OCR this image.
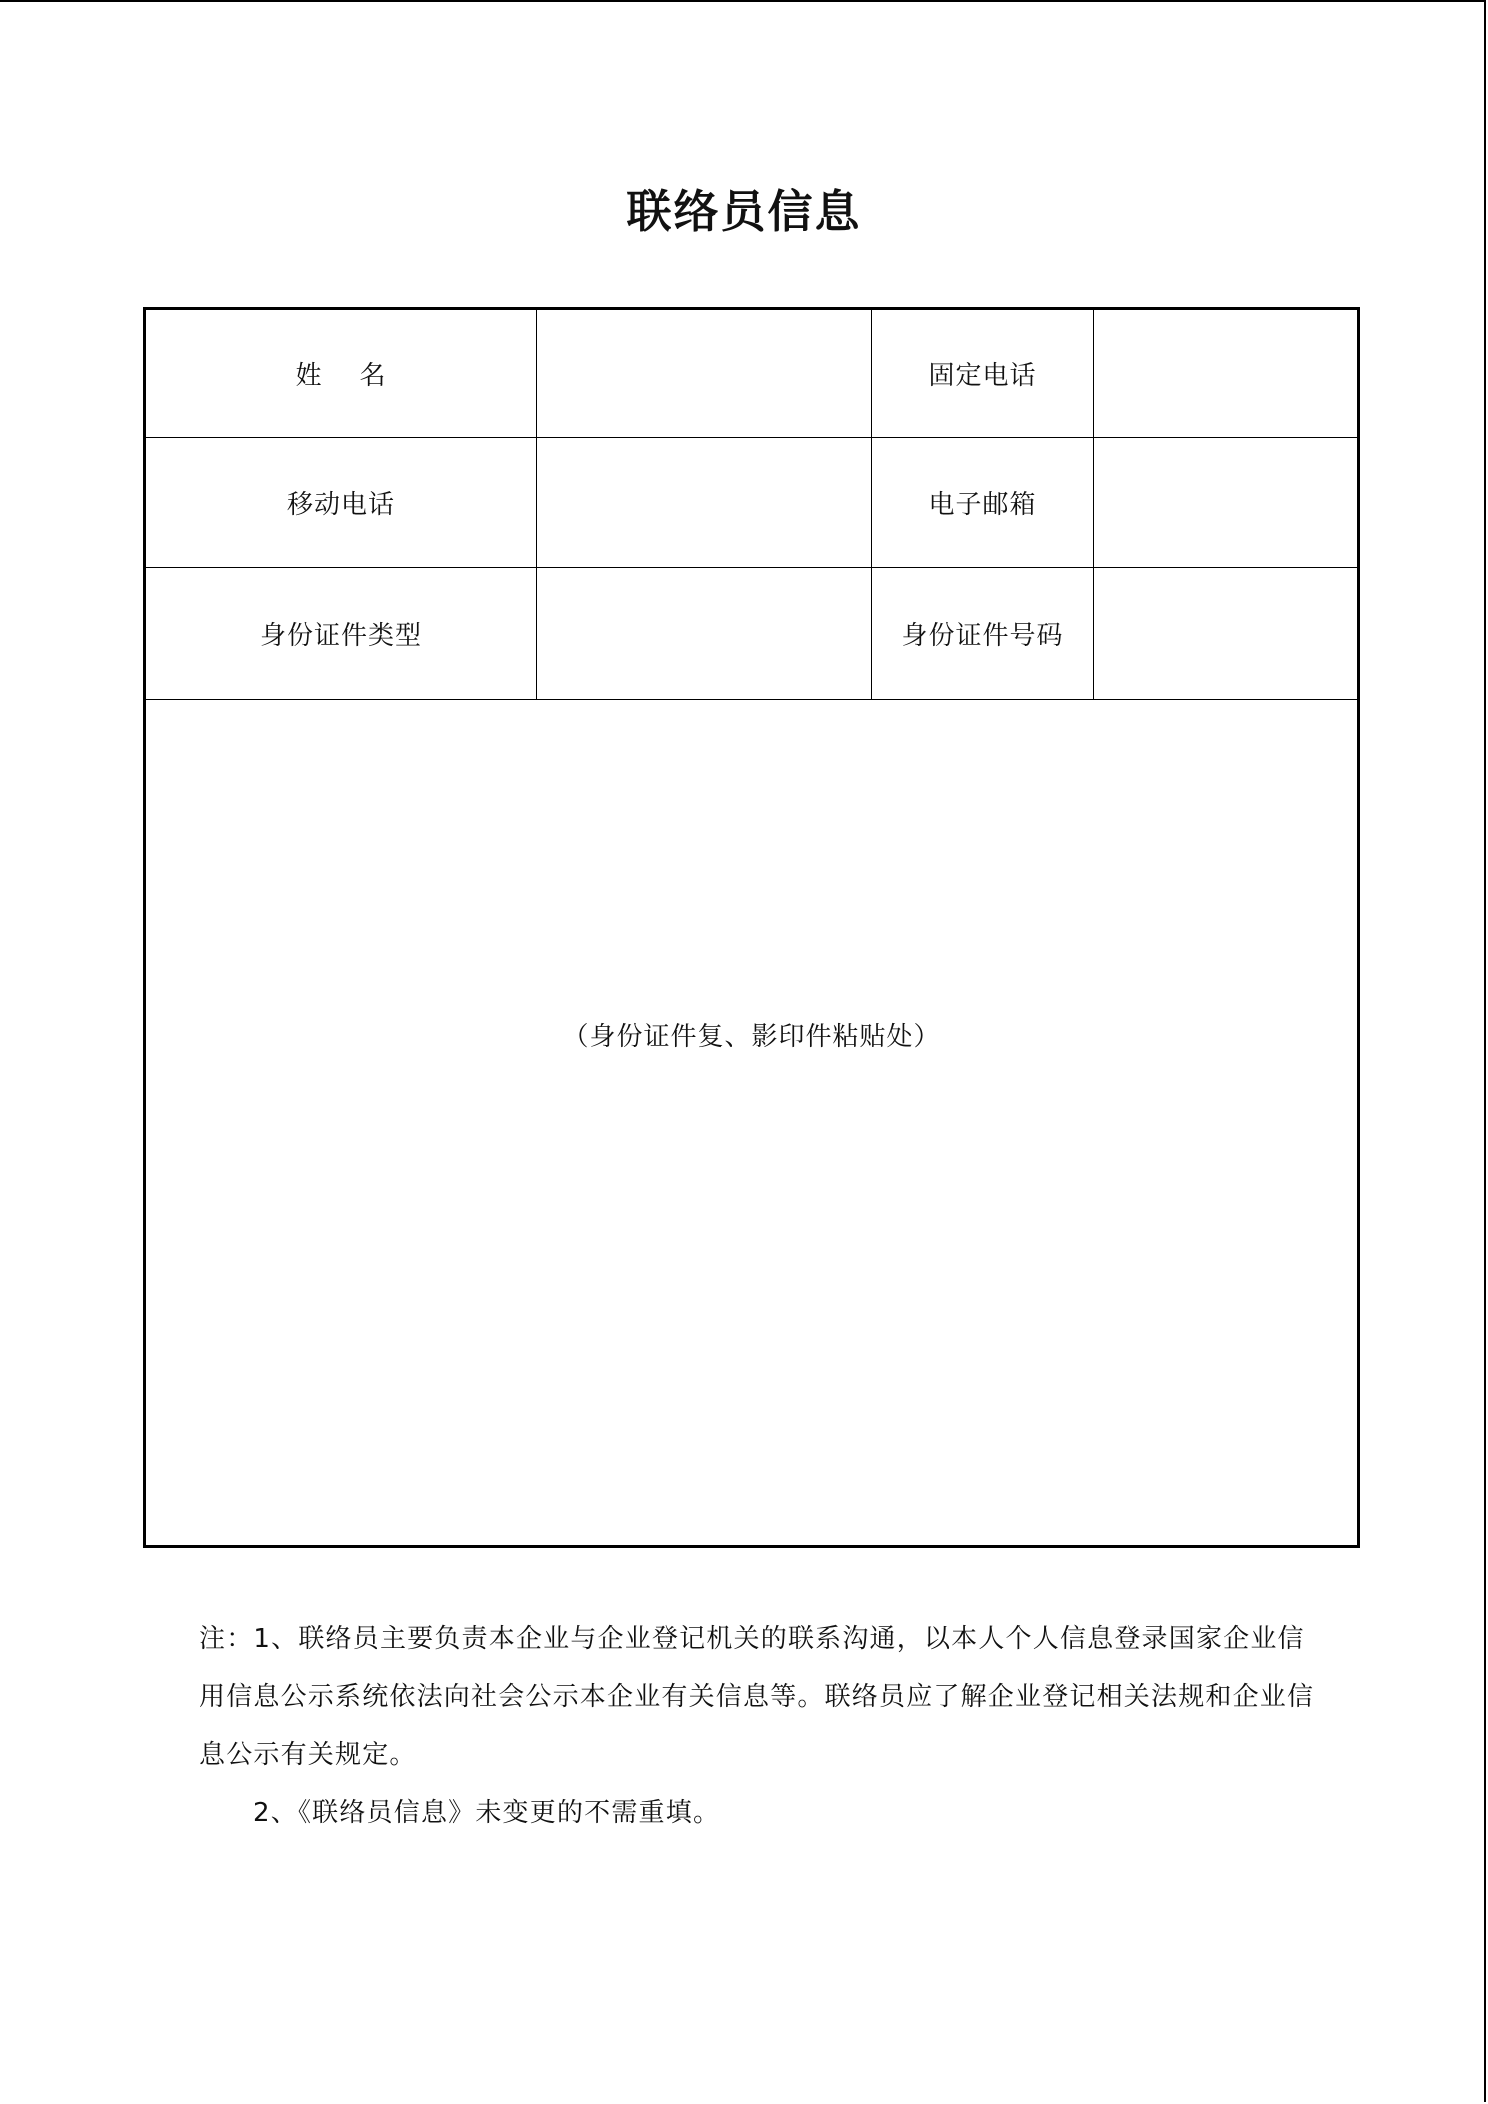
联络员信息
姓    名	固定电话
移动电话	电子邮箱
身份证件类型	身份证件号码
（身份证件复、影印件粘贴处）

注：1、联络员主要负责本企业与企业登记机关的联系沟通，以本人个人信息登录国家企业信用信息公示系统依法向社会公示本企业有关信息等。联络员应了解企业登记相关法规和企业信息公示有关规定。

2、《联络员信息》未变更的不需重填。
